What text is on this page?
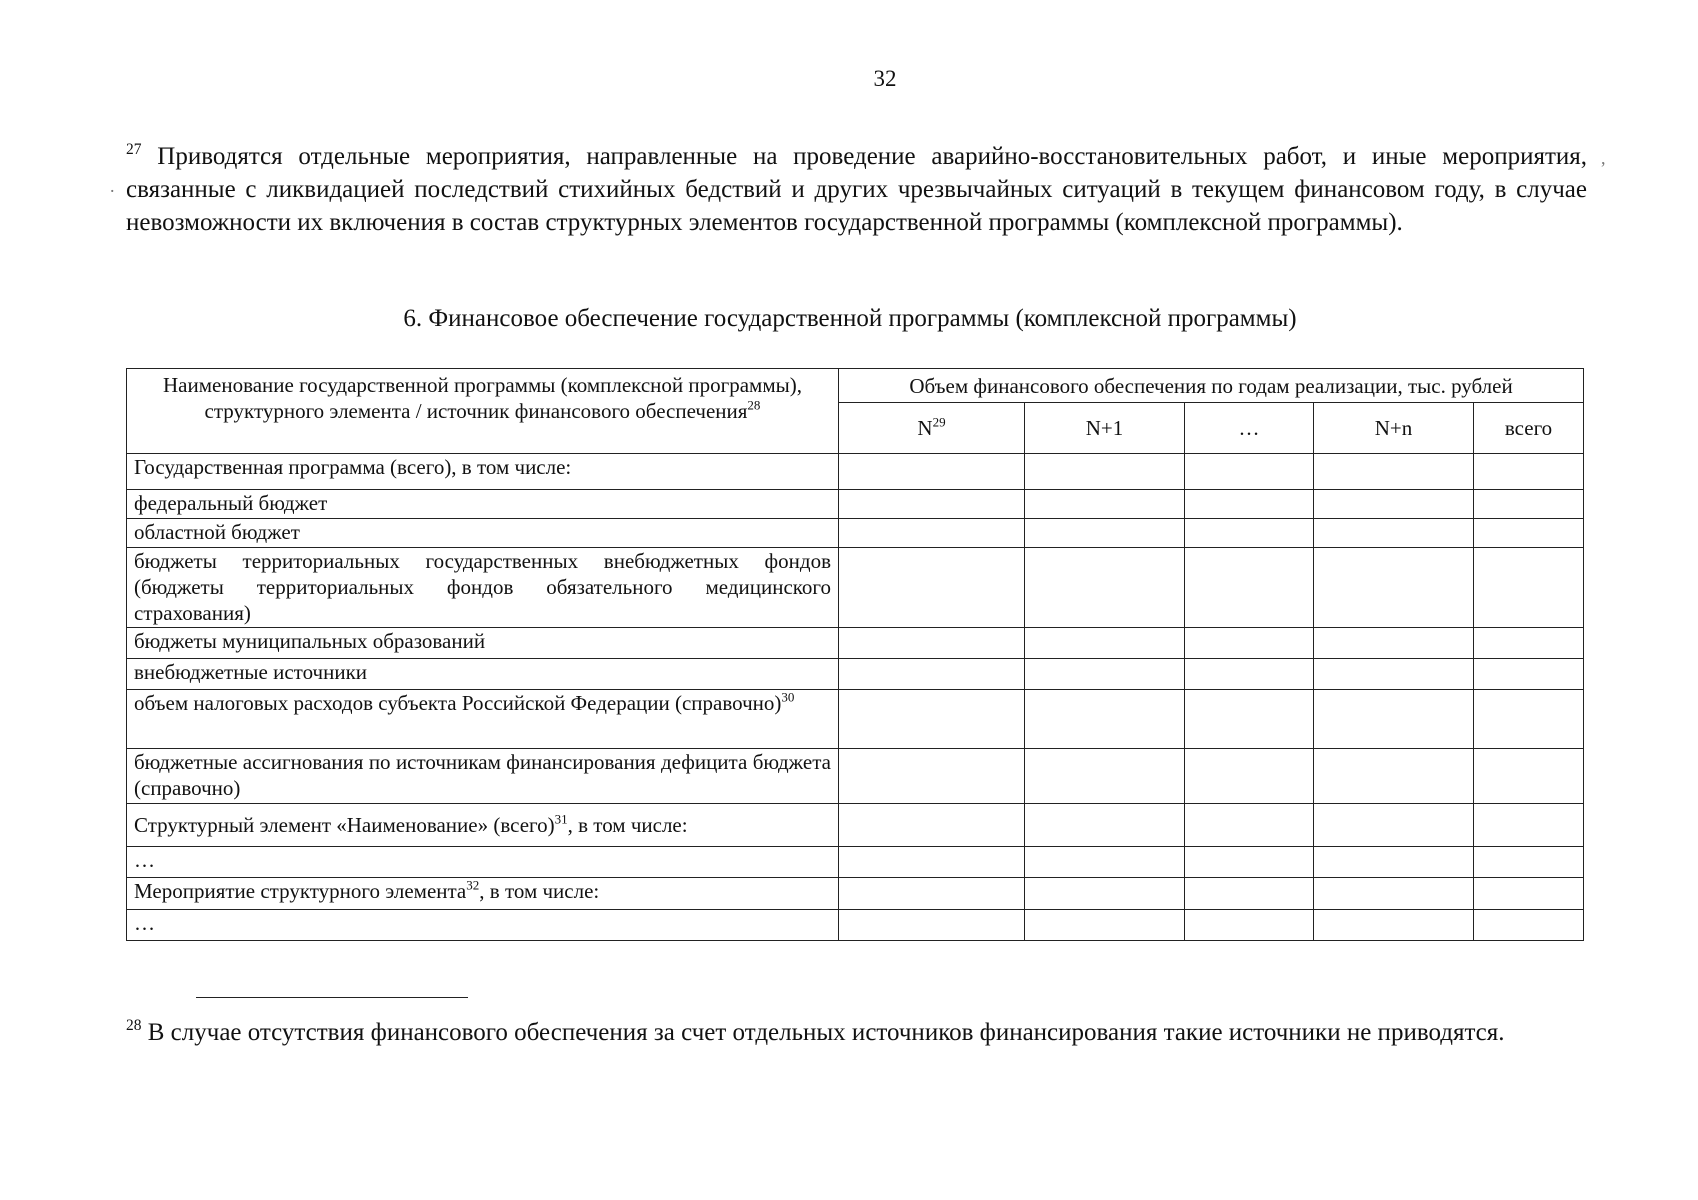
32
$^{27}$ Приводятся отдельные мероприятия, направленные на проведение аварийно-восстановительных работ, и иные мероприятия, связанные с ликвидацией последствий стихийных бедствий и других чрезвычайных ситуаций в текущем финансовом году, в случае невозможности их включения в состав структурных элементов государственной программы (комплексной программы).
6. Финансовое обеспечение государственной программы (комплексной программы)
Наименование государственной программы (комплексной программы), структурного элемента / источник финансового обеспечения$^{28}$	Объем финансового обеспечения по годам реализации, тыс. рублей				
	$N^{29}$	N+1	…	N+n	всего
Государственная программа (всего), в том числе:					
федеральный бюджет					
областной бюджет					
бюджеты территориальных государственных внебюджетных фондов (бюджеты территориальных фондов обязательного медицинского страхования)					
бюджеты муниципальных образований					
внебюджетные источники					
объем налоговых расходов субъекта Российской Федерации (справочно)$^{30}$					
бюджетные ассигнования по источникам финансирования дефицита бюджета (справочно)					
Структурный элемент «Наименование» (всего)$^{31}$, в том числе:					
…					
Мероприятие структурного элемента$^{32}$, в том числе:					
…					
$^{28}$ В случае отсутствия финансового обеспечения за счет отдельных источников финансирования такие источники не приводятся.
,
.
